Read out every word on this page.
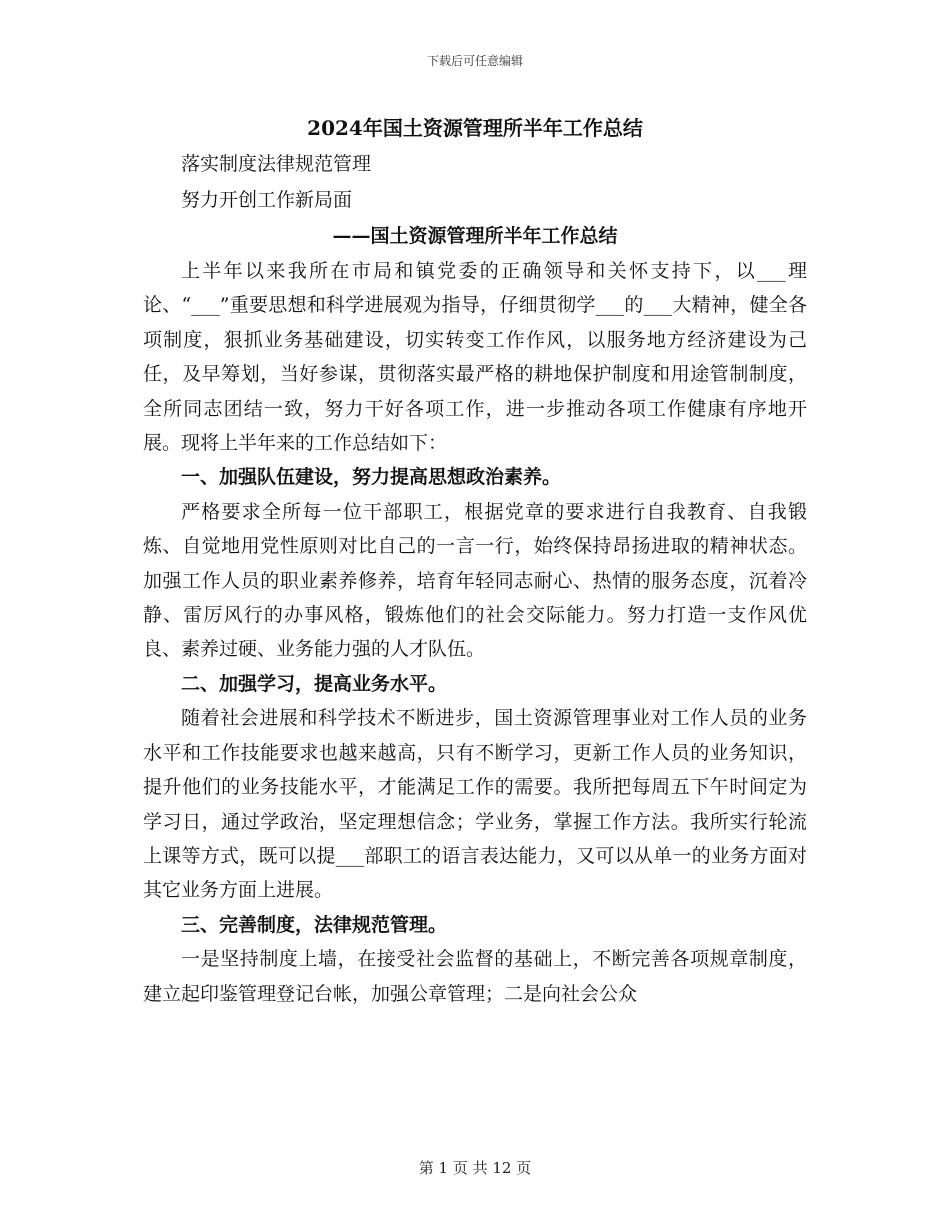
下载后可任意编辑

2024年国土资源管理所半年工作总结

落实制度法律规范管理

努力开创工作新局面

——国土资源管理所半年工作总结

上半年以来我所在市局和镇党委的正确领导和关怀支持下，以___理论、“___”重要思想和科学进展观为指导，仔细贯彻学___的___大精神，健全各项制度，狠抓业务基础建设，切实转变工作作风，以服务地方经济建设为己任，及早筹划，当好参谋，贯彻落实最严格的耕地保护制度和用途管制制度，全所同志团结一致，努力干好各项工作，进一步推动各项工作健康有序地开展。现将上半年来的工作总结如下：

一、加强队伍建设，努力提高思想政治素养。

严格要求全所每一位干部职工，根据党章的要求进行自我教育、自我锻炼、自觉地用党性原则对比自己的一言一行，始终保持昂扬进取的精神状态。加强工作人员的职业素养修养，培育年轻同志耐心、热情的服务态度，沉着冷静、雷厉风行的办事风格，锻炼他们的社会交际能力。努力打造一支作风优良、素养过硬、业务能力强的人才队伍。

二、加强学习，提高业务水平。

随着社会进展和科学技术不断进步，国土资源管理事业对工作人员的业务水平和工作技能要求也越来越高，只有不断学习，更新工作人员的业务知识，提升他们的业务技能水平，才能满足工作的需要。我所把每周五下午时间定为学习日，通过学政治，坚定理想信念；学业务，掌握工作方法。我所实行轮流上课等方式，既可以提___部职工的语言表达能力，又可以从单一的业务方面对其它业务方面上进展。

三、完善制度，法律规范管理。

一是坚持制度上墙，在接受社会监督的基础上，不断完善各项规章制度，建立起印鉴管理登记台帐，加强公章管理；二是向社会公众

第 1 页 共 12 页
